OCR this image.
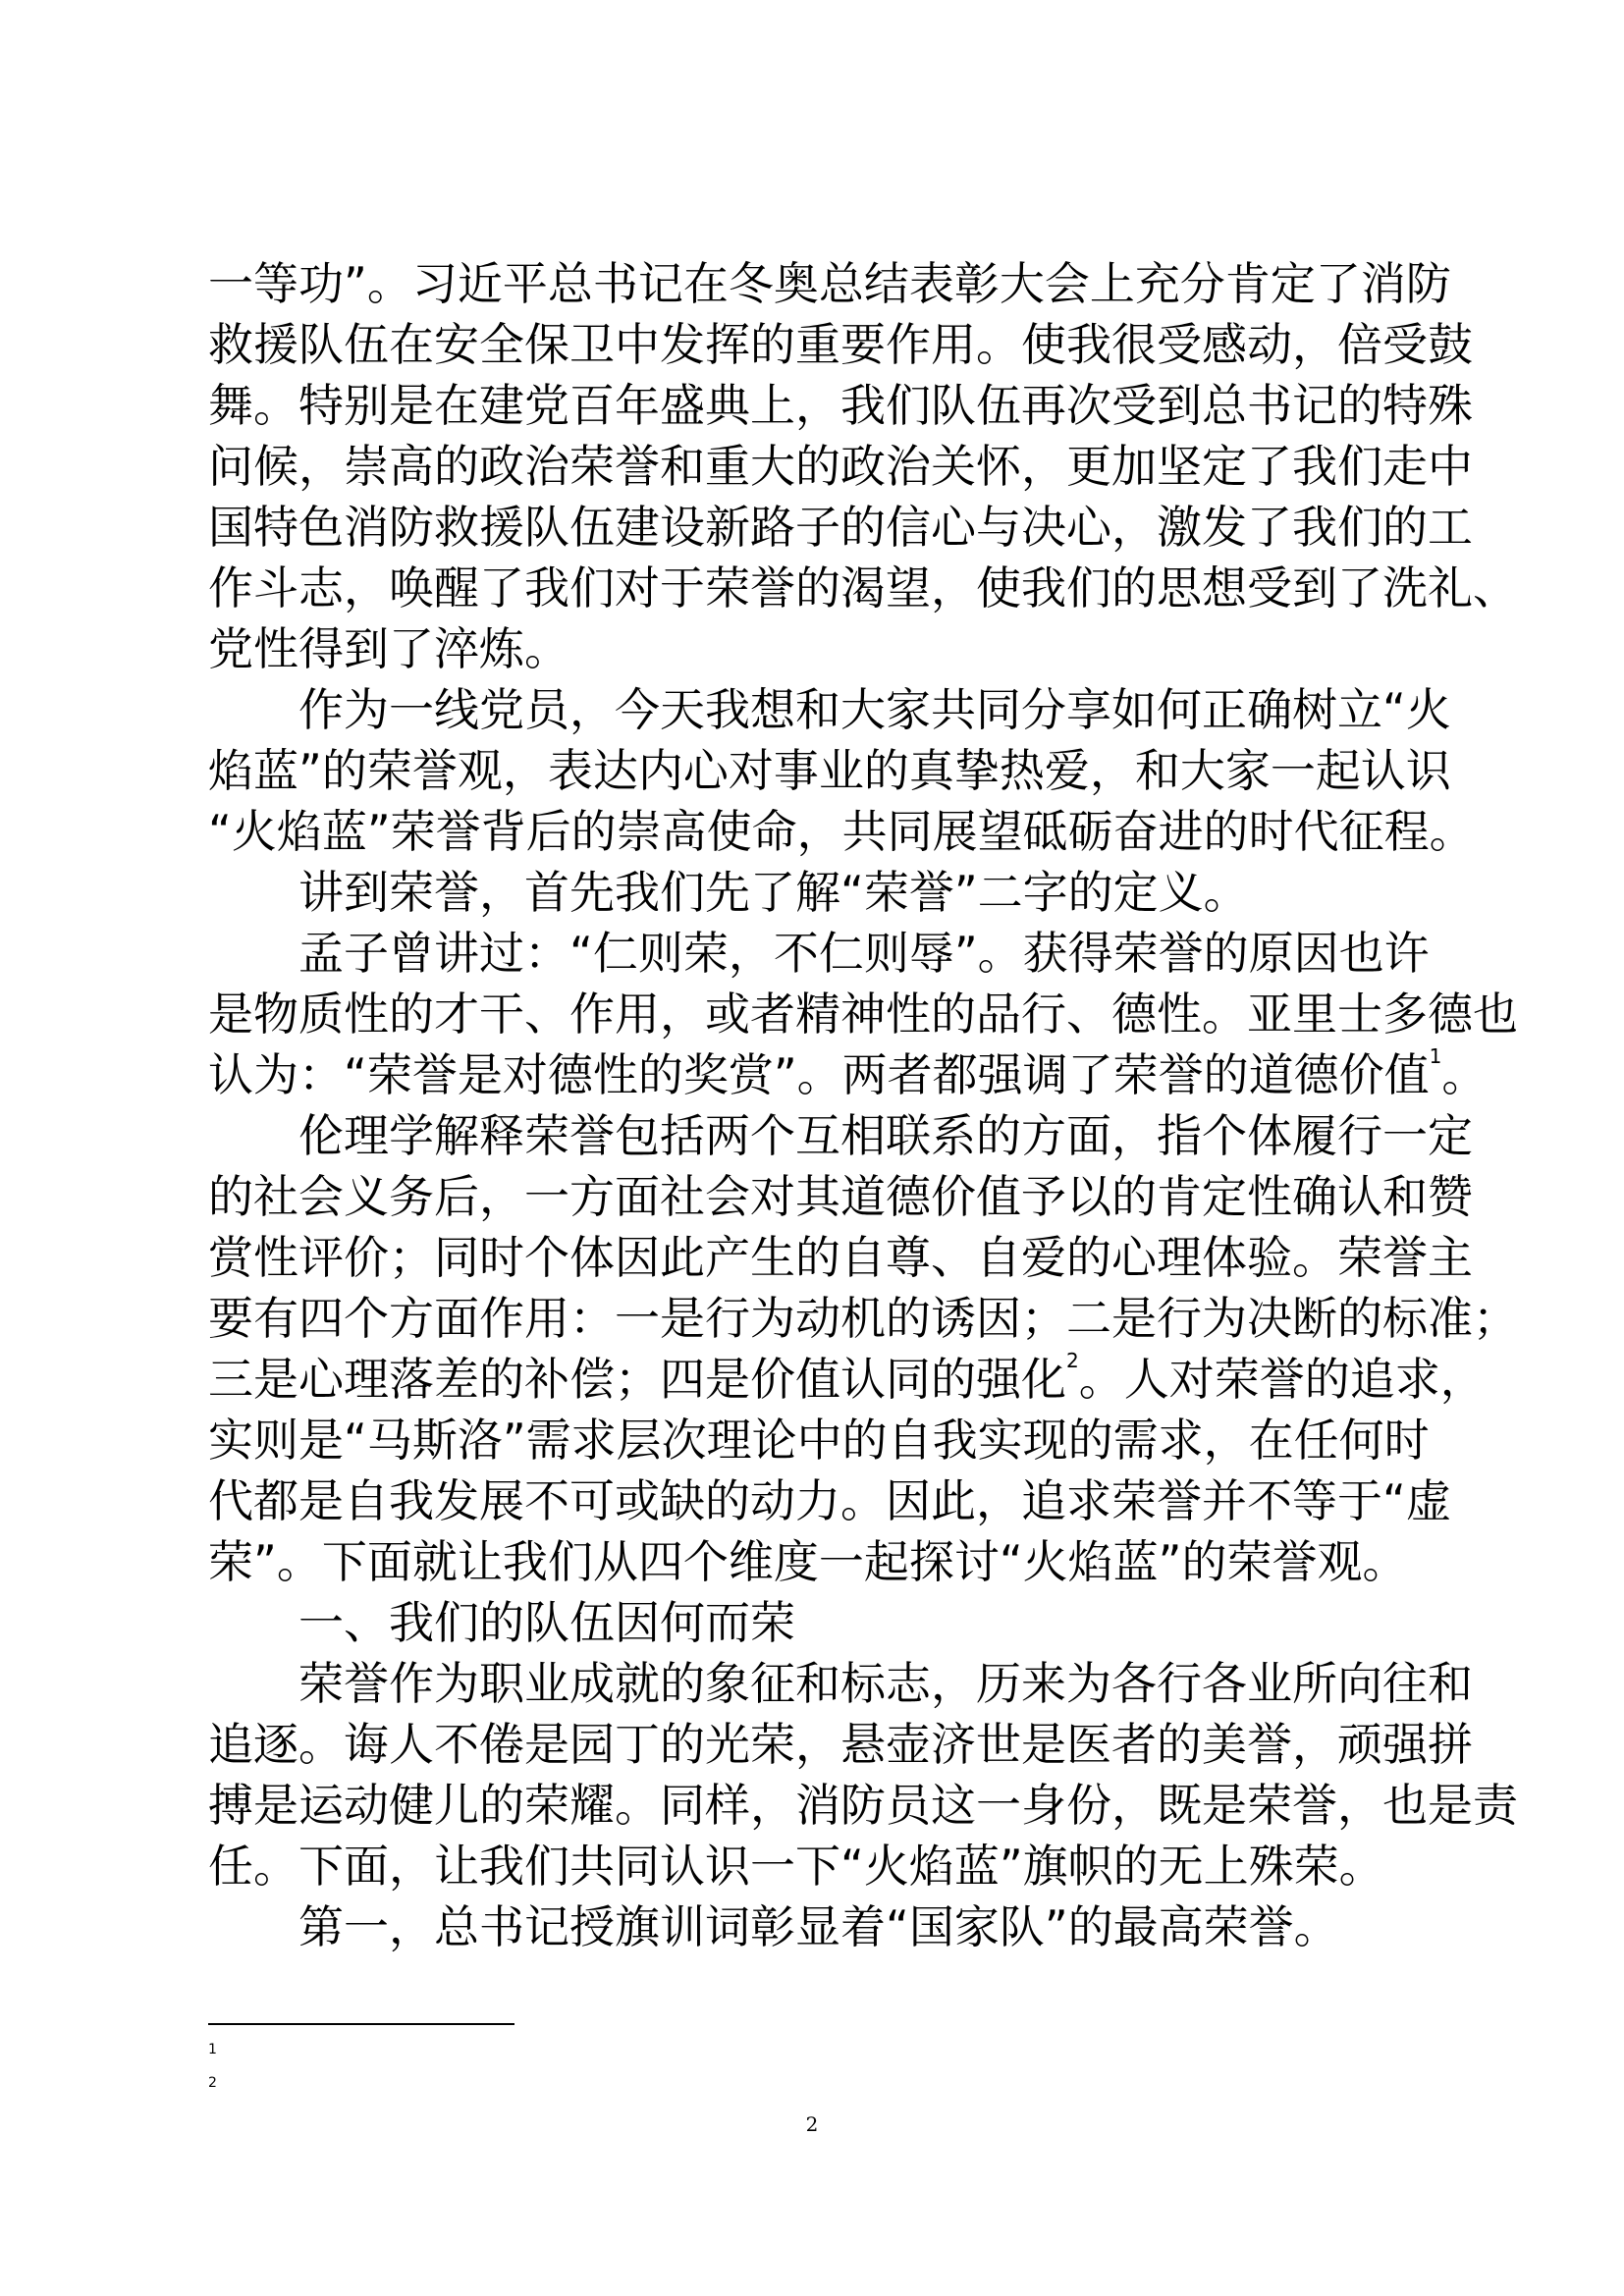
一等功”。习近平总书记在冬奥总结表彰大会上充分肯定了消防
救援队伍在安全保卫中发挥的重要作用。使我很受感动，倍受鼓
舞。特别是在建党百年盛典上，我们队伍再次受到总书记的特殊
问候，崇高的政治荣誉和重大的政治关怀，更加坚定了我们走中
国特色消防救援队伍建设新路子的信心与决心，激发了我们的工
作斗志，唤醒了我们对于荣誉的渴望，使我们的思想受到了洗礼、
党性得到了淬炼。
作为一线党员，今天我想和大家共同分享如何正确树立“火
焰蓝”的荣誉观，表达内心对事业的真挚热爱，和大家一起认识
“火焰蓝”荣誉背后的崇高使命，共同展望砥砺奋进的时代征程。
讲到荣誉，首先我们先了解“荣誉”二字的定义。
孟子曾讲过：“仁则荣，不仁则辱”。获得荣誉的原因也许
是物质性的才干、作用，或者精神性的品行、德性。亚里士多德也
认为：“荣誉是对德性的奖赏”。两者都强调了荣誉的道德价值$^1$。
伦理学解释荣誉包括两个互相联系的方面，指个体履行一定
的社会义务后，一方面社会对其道德价值予以的肯定性确认和赞
赏性评价；同时个体因此产生的自尊、自爱的心理体验。荣誉主
要有四个方面作用：一是行为动机的诱因；二是行为决断的标准；
三是心理落差的补偿；四是价值认同的强化$^2$。人对荣誉的追求，
实则是“马斯洛”需求层次理论中的自我实现的需求，在任何时
代都是自我发展不可或缺的动力。因此，追求荣誉并不等于“虚
荣”。下面就让我们从四个维度一起探讨“火焰蓝”的荣誉观。
一、我们的队伍因何而荣
荣誉作为职业成就的象征和标志，历来为各行各业所向往和
追逐。诲人不倦是园丁的光荣，悬壶济世是医者的美誉，顽强拼
搏是运动健儿的荣耀。同样，消防员这一身份，既是荣誉，也是责
任。下面，让我们共同认识一下“火焰蓝”旗帜的无上殊荣。
第一，总书记授旗训词彰显着“国家队”的最高荣誉。
1
2
2
